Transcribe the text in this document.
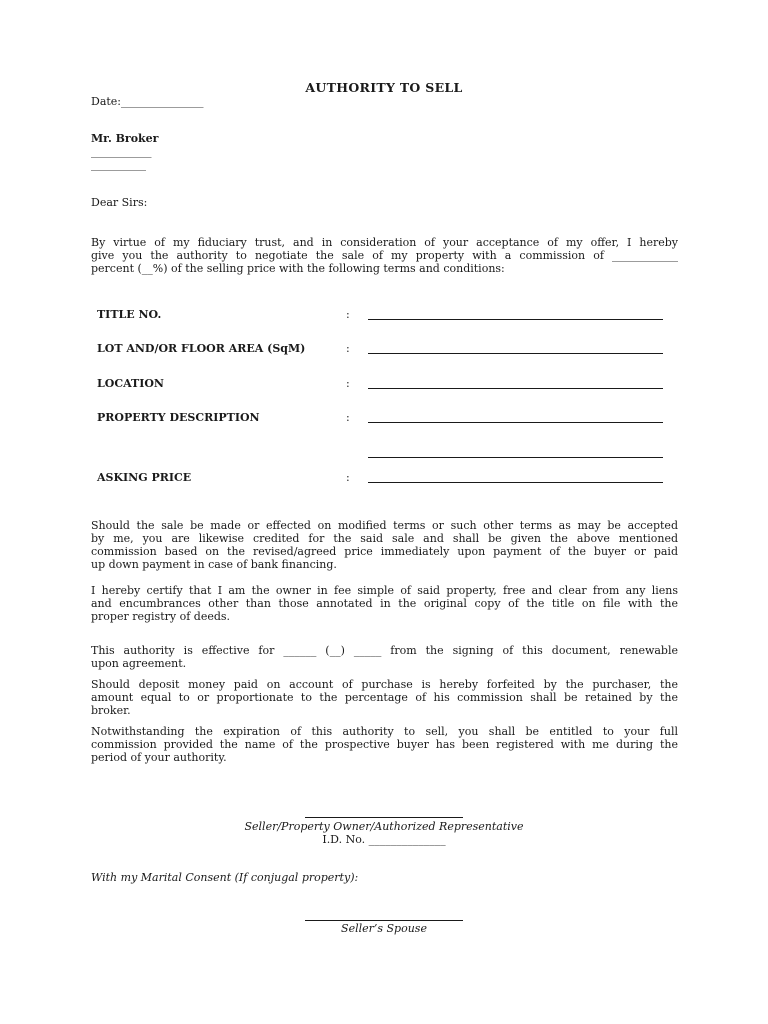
AUTHORITY TO SELL
Date:_______________
Mr. Broker
___________
__________
Dear Sirs:
By virtue of my fiduciary trust, and in consideration of your acceptance of my offer, I hereby
give you the authority to negotiate the sale of my property with a commission of ____________
percent (__%) of the selling price with the following terms and conditions:
TITLE NO.	:
LOT AND/OR FLOOR AREA (SqM)	:
LOCATION	:
PROPERTY DESCRIPTION	:
ASKING PRICE	:
Should the sale be made or effected on modified terms or such other terms as may be accepted
by me, you are likewise credited for the said sale and shall be given the above mentioned
commission based on the revised/agreed price immediately upon payment of the buyer or paid
up down payment in case of bank financing.
I hereby certify that I am the owner in fee simple of said property, free and clear from any liens
and encumbrances other than those annotated in the original copy of the title on file with the
proper registry of deeds.
This authority is effective for ______ (__) _____ from the signing of this document, renewable
upon agreement.
Should deposit money paid on account of purchase is hereby forfeited by the purchaser, the
amount equal to or proportionate to the percentage of his commission shall be retained by the
broker.
Notwithstanding the expiration of this authority to sell, you shall be entitled to your full
commission provided the name of the prospective buyer has been registered with me during the
period of your authority.
Seller/Property Owner/Authorized Representative
I.D. No. ______________
With my Marital Consent (If conjugal property):
Seller’s Spouse
